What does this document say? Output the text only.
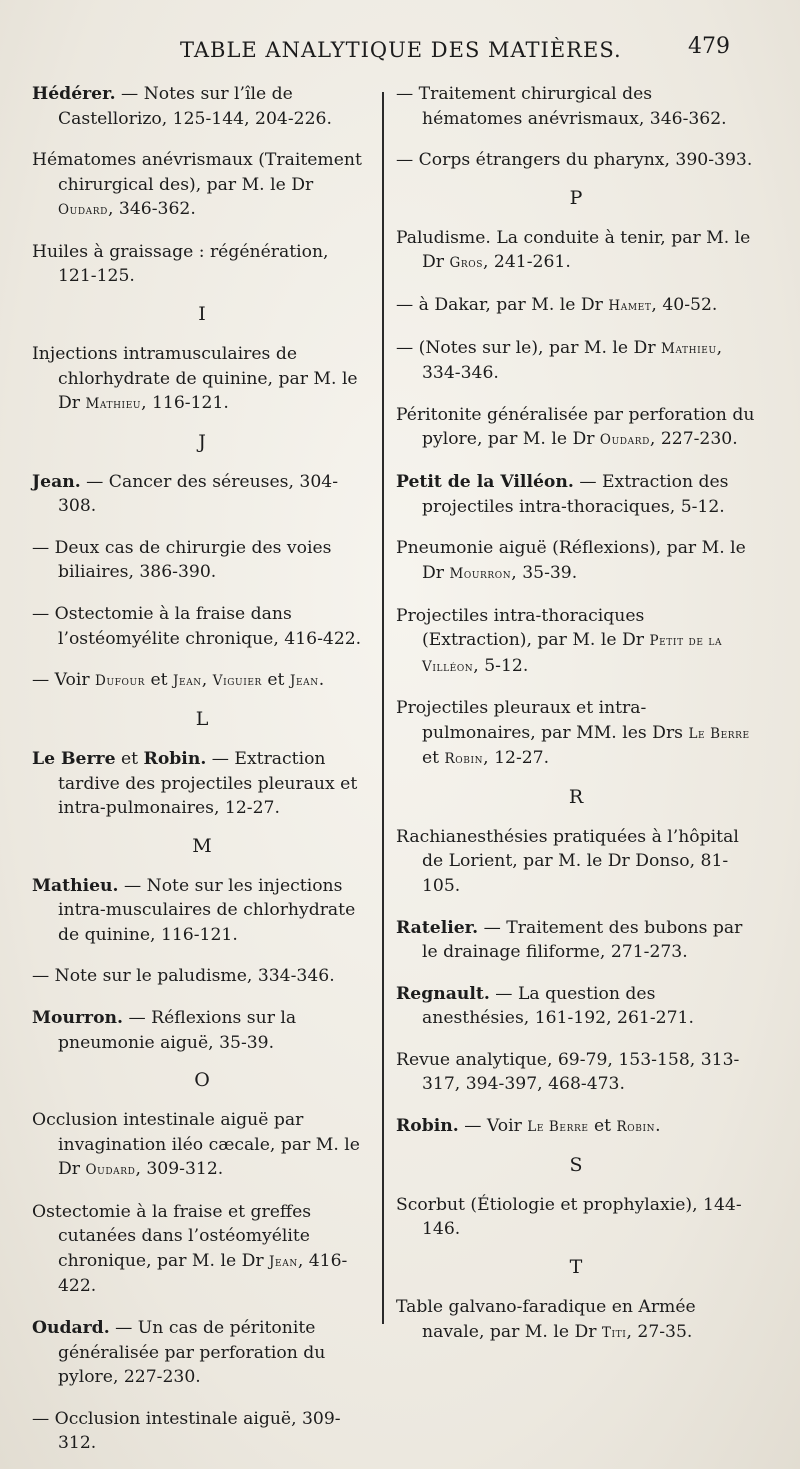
TABLE ANALYTIQUE DES MATIÈRES.	479

Hédérer. — Notes sur l’île de Castellorizo, 125-144, 204-226.

Hématomes anévrismaux (Traitement chirurgical des), par M. le Dr Oudard, 346-362.

Huiles à graissage : régénération, 121-125.

I

Injections intramusculaires de chlorhydrate de quinine, par M. le Dr Mathieu, 116-121.

J

Jean. — Cancer des séreuses, 304-308.

— Deux cas de chirurgie des voies biliaires, 386-390.

— Ostectomie à la fraise dans l’ostéomyélite chronique, 416-422.

— Voir Dufour et Jean, Viguier et Jean.

L

Le Berre et Robin. — Extraction tardive des projectiles pleuraux et intra-pulmonaires, 12-27.

M

Mathieu. — Note sur les injections intra-musculaires de chlorhydrate de quinine, 116-121.

— Note sur le paludisme, 334-346.

Mourron. — Réflexions sur la pneumonie aiguë, 35-39.

O

Occlusion intestinale aiguë par invagination iléo cæcale, par M. le Dr Oudard, 309-312.

Ostectomie à la fraise et greffes cutanées dans l’ostéomyélite chronique, par M. le Dr Jean, 416-422.

Oudard. — Un cas de péritonite généralisée par perforation du pylore, 227-230.

— Occlusion intestinale aiguë, 309-312.

— Traitement chirurgical des hématomes anévrismaux, 346-362.

— Corps étrangers du pharynx, 390-393.

P

Paludisme. La conduite à tenir, par M. le Dr Gros, 241-261.

— à Dakar, par M. le Dr Hamet, 40-52.

— (Notes sur le), par M. le Dr Mathieu, 334-346.

Péritonite généralisée par perforation du pylore, par M. le Dr Oudard, 227-230.

Petit de la Villéon. — Extraction des projectiles intra-thoraciques, 5-12.

Pneumonie aiguë (Réflexions), par M. le Dr Mourron, 35-39.

Projectiles intra-thoraciques (Extraction), par M. le Dr Petit de la Villéon, 5-12.

Projectiles pleuraux et intra-pulmonaires, par MM. les Drs Le Berre et Robin, 12-27.

R

Rachianesthésies pratiquées à l’hôpital de Lorient, par M. le Dr Donso, 81-105.

Ratelier. — Traitement des bubons par le drainage filiforme, 271-273.

Regnault. — La question des anesthésies, 161-192, 261-271.

Revue analytique, 69-79, 153-158, 313-317, 394-397, 468-473.

Robin. — Voir Le Berre et Robin.

S

Scorbut (Étiologie et prophylaxie), 144-146.

T

Table galvano-faradique en Armée navale, par M. le Dr Titi, 27-35.
